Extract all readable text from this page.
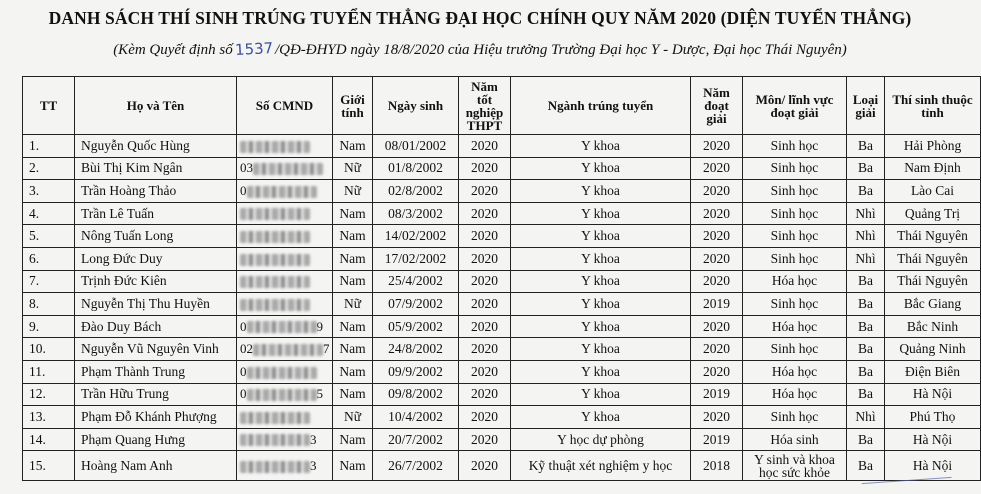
DANH SÁCH THÍ SINH TRÚNG TUYỂN THẲNG ĐẠI HỌC CHÍNH QUY NĂM 2020 (DIỆN TUYỂN THẲNG)
(Kèm Quyết định số 1537 /QĐ-ĐHYD ngày 18/8/2020 của Hiệu trưởng Trường Đại học Y - Dược, Đại học Thái Nguyên)
TT	Họ và Tên	Số CMND	Giới tính	Ngày sinh	Năm tốt nghiệp THPT	Ngành trúng tuyển	Năm đoạt giải	Môn/ lĩnh vực đoạt giải	Loại giải	Thí sinh thuộc tỉnh
1.	Nguyễn Quốc Hùng		Nam	08/01/2002	2020	Y khoa	2020	Sinh học	Ba	Hải Phòng
2.	Bùi Thị Kim Ngân	03	Nữ	01/8/2002	2020	Y khoa	2020	Sinh học	Ba	Nam Định
3.	Trần Hoàng Thảo	0	Nữ	02/8/2002	2020	Y khoa	2020	Sinh học	Ba	Lào Cai
4.	Trần Lê Tuấn		Nam	08/3/2002	2020	Y khoa	2020	Sinh học	Nhì	Quảng Trị
5.	Nông Tuấn Long		Nam	14/02/2002	2020	Y khoa	2020	Sinh học	Nhì	Thái Nguyên
6.	Long Đức Duy		Nam	17/02/2002	2020	Y khoa	2020	Sinh học	Nhì	Thái Nguyên
7.	Trịnh Đức Kiên		Nam	25/4/2002	2020	Y khoa	2020	Hóa học	Ba	Thái Nguyên
8.	Nguyễn Thị Thu Huyền		Nữ	07/9/2002	2020	Y khoa	2019	Sinh học	Ba	Bắc Giang
9.	Đào Duy Bách	0 9	Nam	05/9/2002	2020	Y khoa	2020	Hóa học	Ba	Bắc Ninh
10.	Nguyễn Vũ Nguyên Vinh	02 7	Nam	24/8/2002	2020	Y khoa	2020	Sinh học	Ba	Quảng Ninh
11.	Phạm Thành Trung	0	Nam	09/9/2002	2020	Y khoa	2020	Hóa học	Ba	Điện Biên
12.	Trần Hữu Trung	0 5	Nam	09/8/2002	2020	Y khoa	2019	Hóa học	Ba	Hà Nội
13.	Phạm Đỗ Khánh Phượng		Nữ	10/4/2002	2020	Y khoa	2020	Sinh học	Nhì	Phú Thọ
14.	Phạm Quang Hưng	3	Nam	20/7/2002	2020	Y học dự phòng	2019	Hóa sinh	Ba	Hà Nội
15.	Hoàng Nam Anh	3	Nam	26/7/2002	2020	Kỹ thuật xét nghiệm y học	2018	Y sinh và khoa học sức khỏe	Ba	Hà Nội
